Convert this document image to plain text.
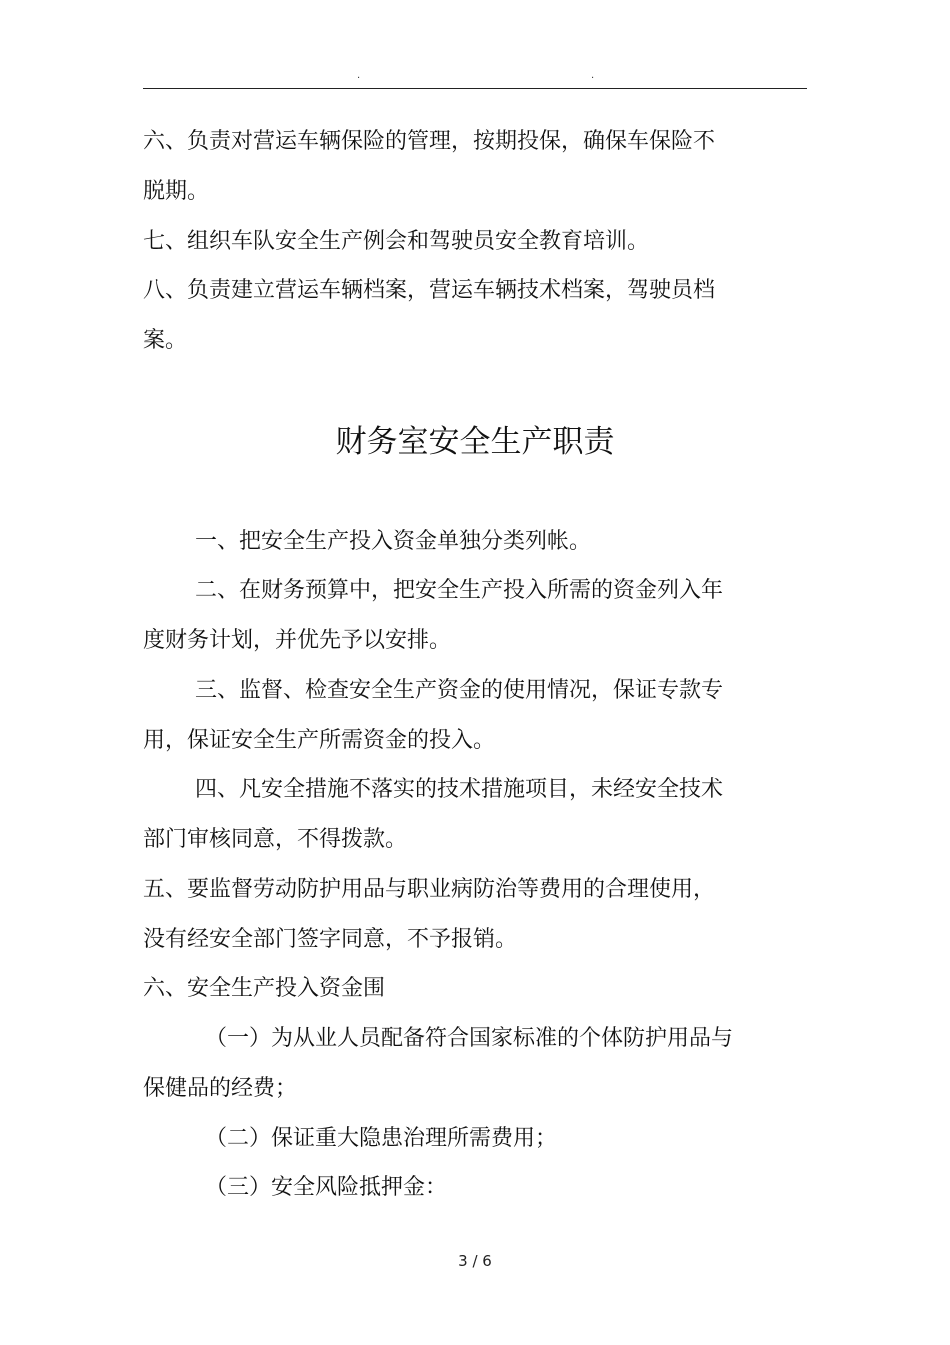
.	.
六、负责对营运车辆保险的管理，按期投保，确保车保险不
脱期。
七、组织车队安全生产例会和驾驶员安全教育培训。
八、负责建立营运车辆档案，营运车辆技术档案，驾驶员档
案。
财务室安全生产职责
一、把安全生产投入资金单独分类列帐。
二、在财务预算中，把安全生产投入所需的资金列入年
度财务计划，并优先予以安排。
三、监督、检查安全生产资金的使用情况，保证专款专
用，保证安全生产所需资金的投入。
四、凡安全措施不落实的技术措施项目，未经安全技术
部门审核同意，不得拨款。
五、要监督劳动防护用品与职业病防治等费用的合理使用，
没有经安全部门签字同意，不予报销。
六、安全生产投入资金围
（一）为从业人员配备符合国家标准的个体防护用品与
保健品的经费；
（二）保证重大隐患治理所需费用；
（三）安全风险抵押金：
3 / 6
